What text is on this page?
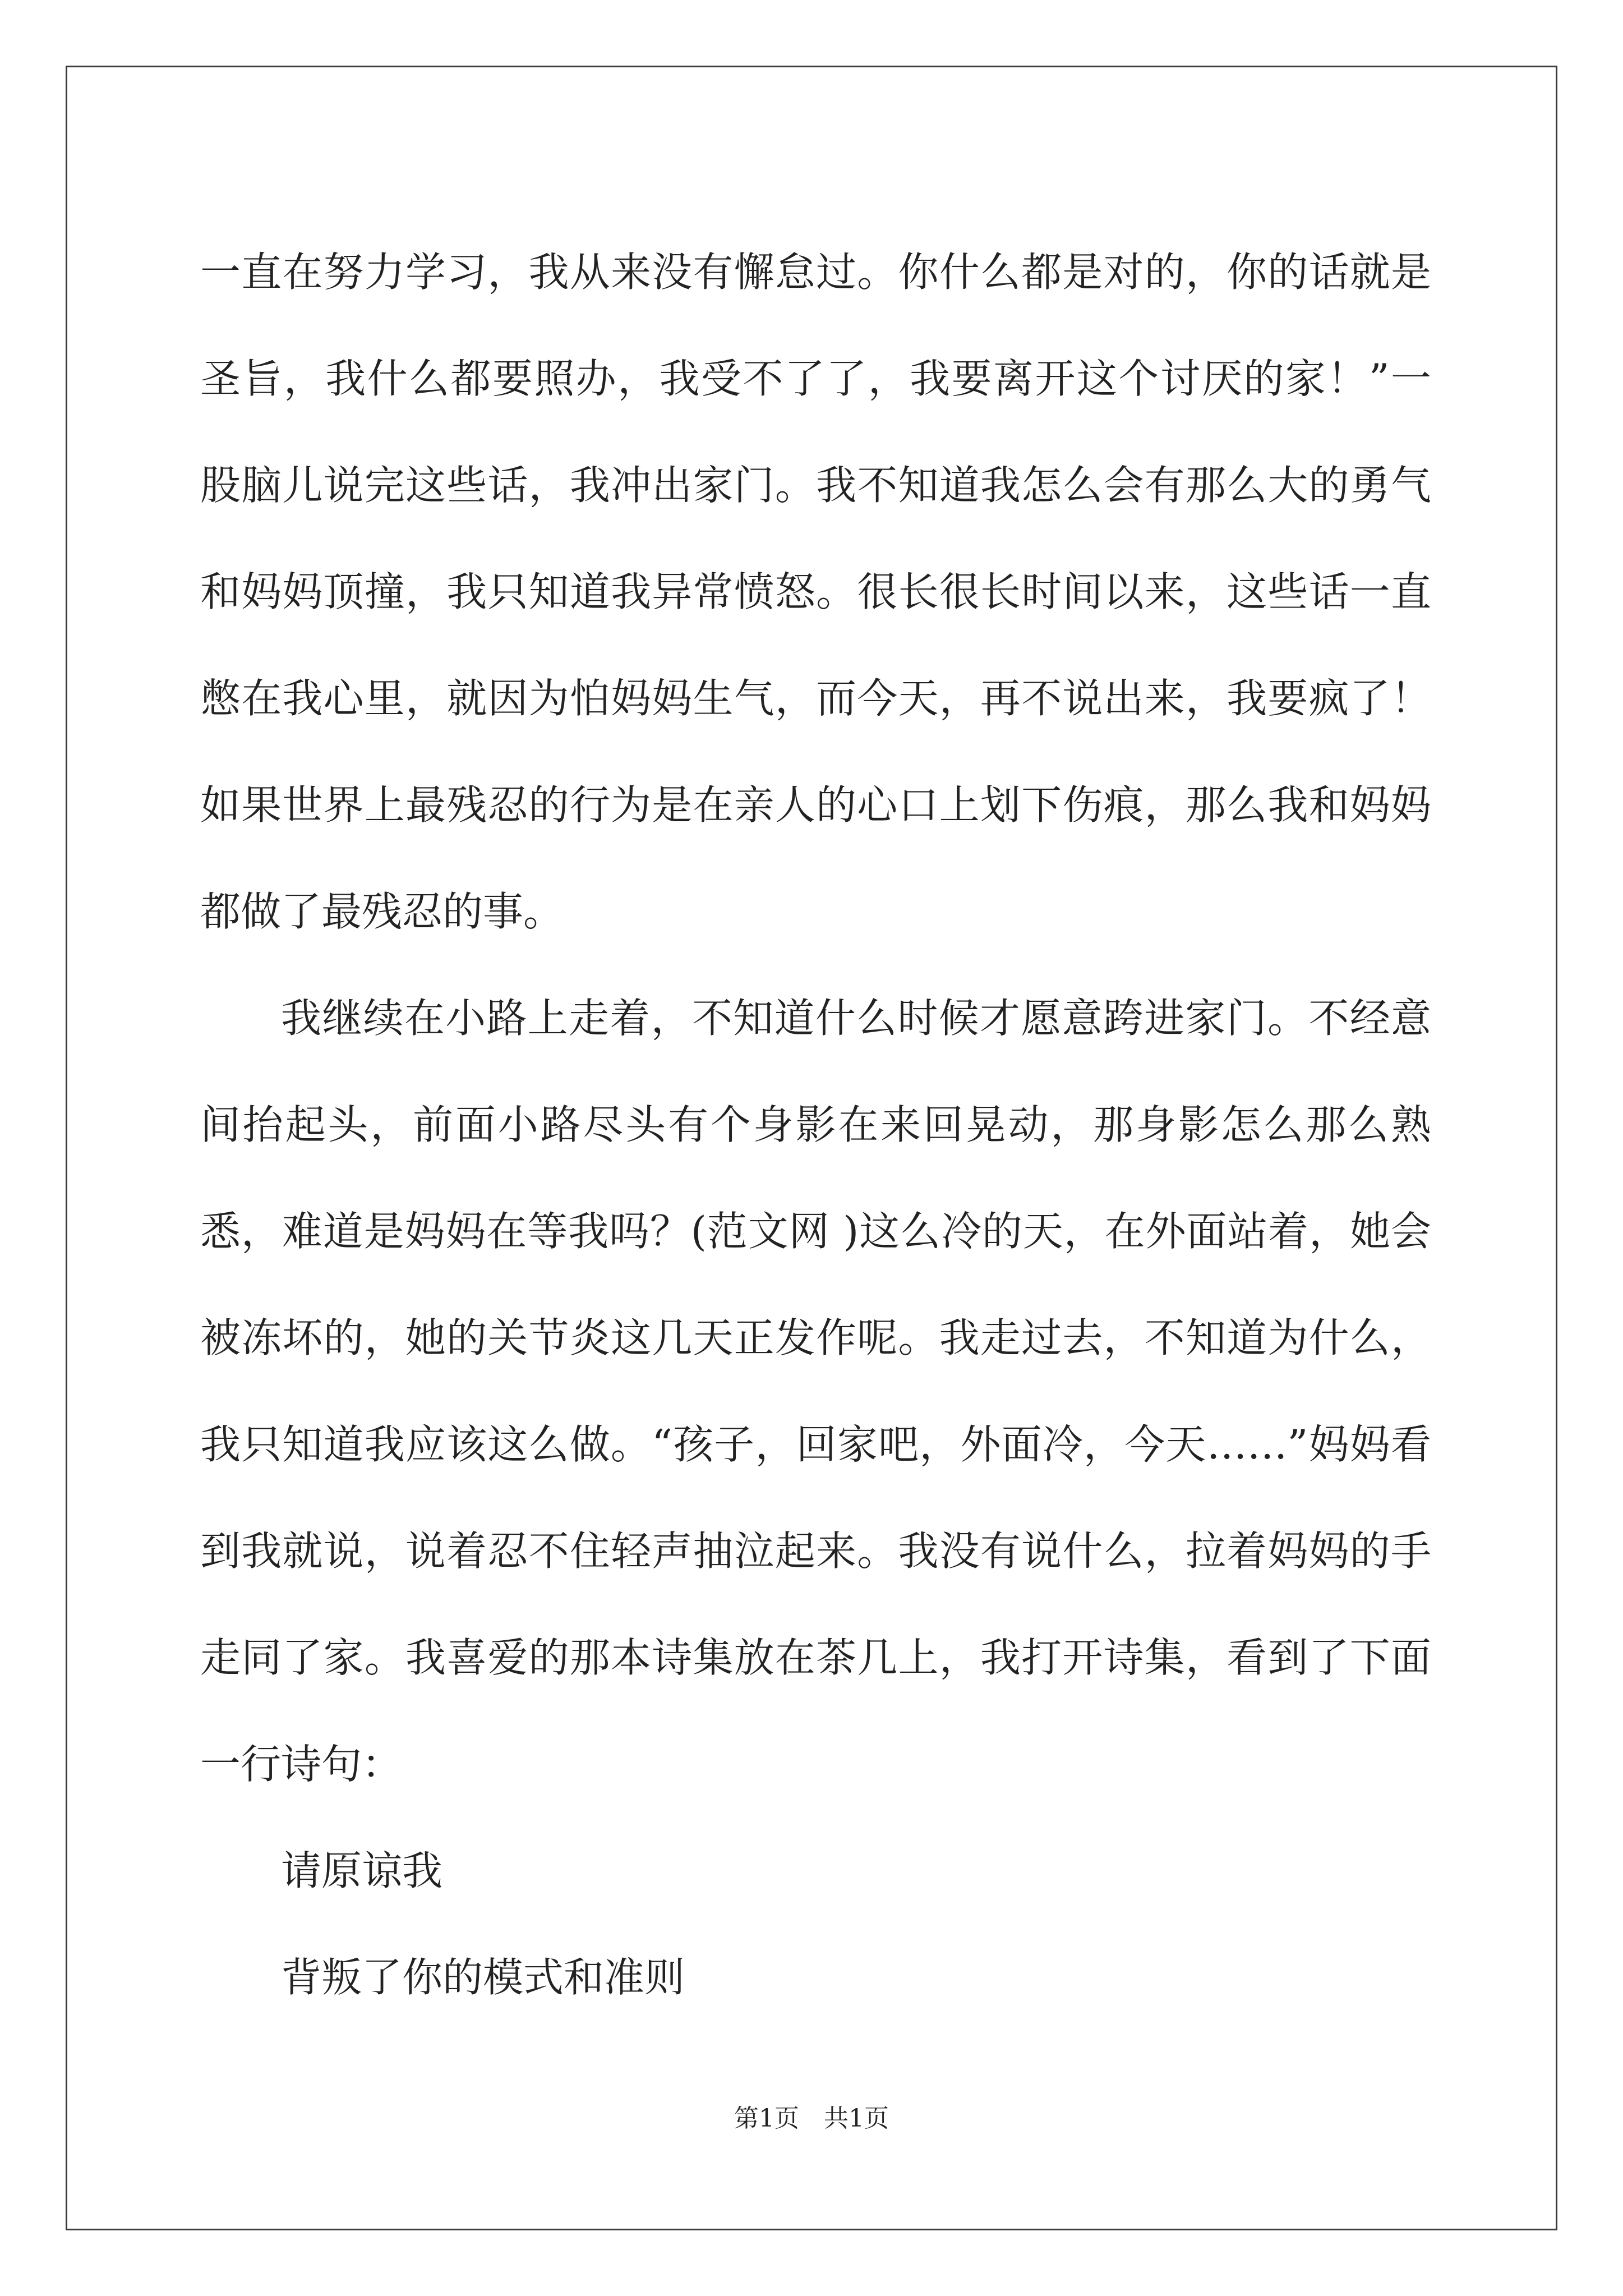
一直在努力学习，我从来没有懈怠过。你什么都是对的，你的话就是圣旨，我什么都要照办，我受不了了，我要离开这个讨厌的家！”一股脑儿说完这些话，我冲出家门。我不知道我怎么会有那么大的勇气和妈妈顶撞，我只知道我异常愤怒。很长很长时间以来，这些话一直憋在我心里，就因为怕妈妈生气，而今天，再不说出来，我要疯了！如果世界上最残忍的行为是在亲人的心口上划下伤痕，那么我和妈妈都做了最残忍的事。

我继续在小路上走着，不知道什么时候才愿意跨进家门。不经意间抬起头，前面小路尽头有个身影在来回晃动，那身影怎么那么熟悉，难道是妈妈在等我吗？(范文网 )这么冷的天，在外面站着，她会被冻坏的，她的关节炎这几天正发作呢。我走过去，不知道为什么，我只知道我应该这么做。“孩子，回家吧，外面冷，今天……”妈妈看到我就说，说着忍不住轻声抽泣起来。我没有说什么，拉着妈妈的手走同了家。我喜爱的那本诗集放在茶几上，我打开诗集，看到了下面一行诗句：

请原谅我

背叛了你的模式和准则

第1页　共1页
